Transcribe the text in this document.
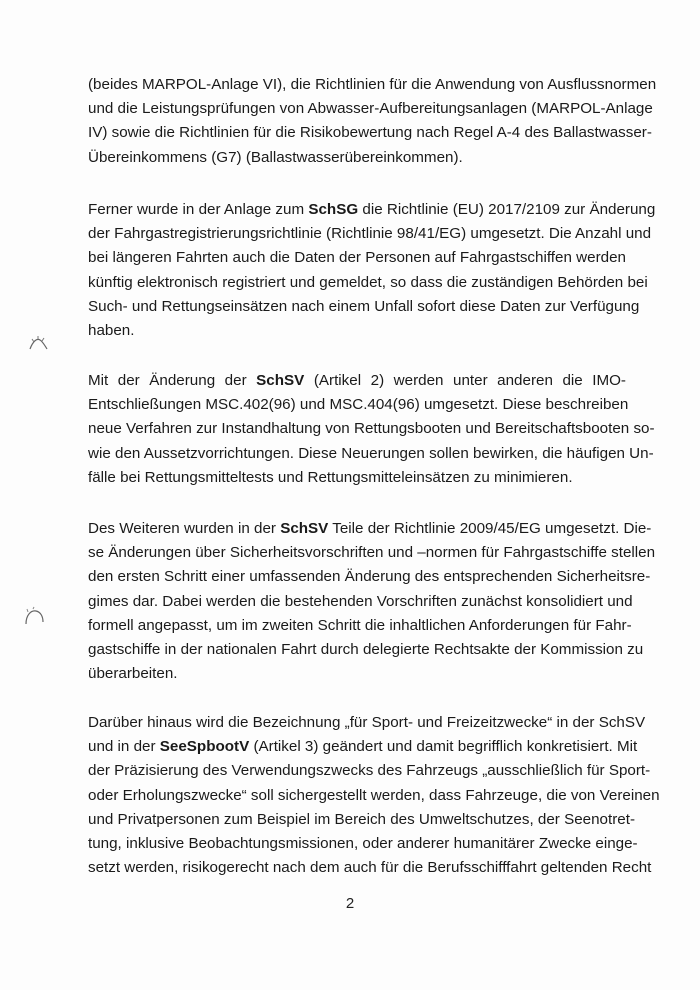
(beides MARPOL-Anlage VI), die Richtlinien für die Anwendung von Ausflussnormen
und die Leistungsprüfungen von Abwasser-Aufbereitungsanlagen (MARPOL-Anlage
IV) sowie die Richtlinien für die Risikobewertung nach Regel A-4 des Ballastwasser-
Übereinkommens (G7) (Ballastwasserübereinkommen).
Ferner wurde in der Anlage zum SchSG die Richtlinie (EU) 2017/2109 zur Änderung
der Fahrgastregistrierungsrichtlinie (Richtlinie 98/41/EG) umgesetzt. Die Anzahl und
bei längeren Fahrten auch die Daten der Personen auf Fahrgastschiffen werden
künftig elektronisch registriert und gemeldet, so dass die zuständigen Behörden bei
Such- und Rettungseinsätzen nach einem Unfall sofort diese Daten zur Verfügung
haben.
Mit der Änderung der SchSV (Artikel 2) werden unter anderen die IMO-
Entschließungen MSC.402(96) und MSC.404(96) umgesetzt. Diese beschreiben
neue Verfahren zur Instandhaltung von Rettungsbooten und Bereitschaftsbooten so-
wie den Aussetzvorrichtungen. Diese Neuerungen sollen bewirken, die häufigen Un-
fälle bei Rettungsmitteltests und Rettungsmitteleinsätzen zu minimieren.
Des Weiteren wurden in der SchSV Teile der Richtlinie 2009/45/EG umgesetzt. Die-
se Änderungen über Sicherheitsvorschriften und –normen für Fahrgastschiffe stellen
den ersten Schritt einer umfassenden Änderung des entsprechenden Sicherheitsre-
gimes dar. Dabei werden die bestehenden Vorschriften zunächst konsolidiert und
formell angepasst, um im zweiten Schritt die inhaltlichen Anforderungen für Fahr-
gastschiffe in der nationalen Fahrt durch delegierte Rechtsakte der Kommission zu
überarbeiten.
Darüber hinaus wird die Bezeichnung „für Sport- und Freizeitzwecke“ in der SchSV
und in der SeeSpbootV (Artikel 3) geändert und damit begrifflich konkretisiert. Mit
der Präzisierung des Verwendungszwecks des Fahrzeugs „ausschließlich für Sport-
oder Erholungszwecke“ soll sichergestellt werden, dass Fahrzeuge, die von Vereinen
und Privatpersonen zum Beispiel im Bereich des Umweltschutzes, der Seenotret-
tung, inklusive Beobachtungsmissionen, oder anderer humanitärer Zwecke einge-
setzt werden, risikogerecht nach dem auch für die Berufsschifffahrt geltenden Recht
2
